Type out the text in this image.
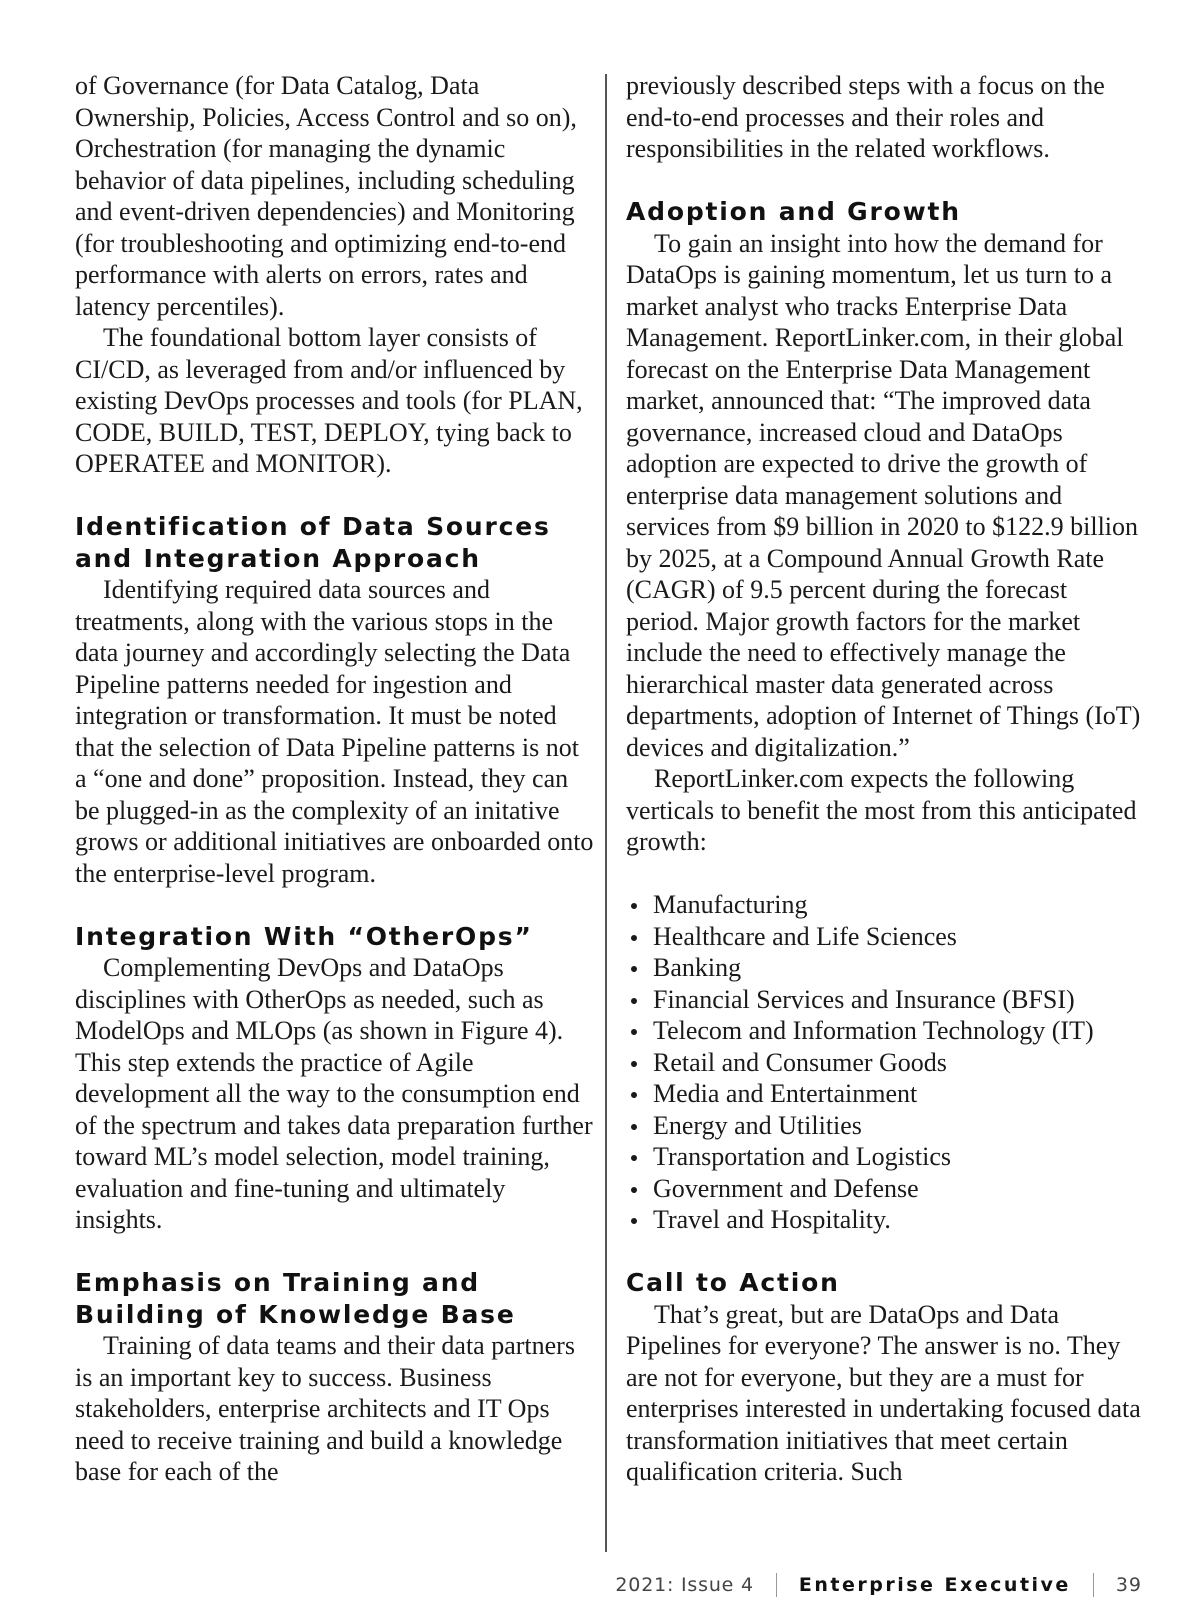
of Governance (for Data Catalog, Data Ownership, Policies, Access Control and so on), Orchestration (for managing the dynamic behavior of data pipelines, including scheduling and event-driven dependencies) and Monitoring (for troubleshooting and optimizing end-to-end performance with alerts on errors, rates and latency percentiles).

The foundational bottom layer consists of CI/CD, as leveraged from and/or influenced by existing DevOps processes and tools (for PLAN, CODE, BUILD, TEST, DEPLOY, tying back to OPERATEE and MONITOR).

Identification of Data Sources and Integration Approach

Identifying required data sources and treatments, along with the various stops in the data journey and accordingly selecting the Data Pipeline patterns needed for ingestion and integration or transformation. It must be noted that the selection of Data Pipeline patterns is not a “one and done” proposition. Instead, they can be plugged-in as the complexity of an initative grows or additional initiatives are onboarded onto the enterprise-level program.

Integration With “OtherOps”

Complementing DevOps and DataOps disciplines with OtherOps as needed, such as ModelOps and MLOps (as shown in Figure 4). This step extends the practice of Agile development all the way to the consumption end of the spectrum and takes data preparation further toward ML’s model selection, model training, evaluation and fine-tuning and ultimately insights.

Emphasis on Training and Building of Knowledge Base

Training of data teams and their data partners is an important key to success. Business stakeholders, enterprise architects and IT Ops need to receive training and build a knowledge base for each of the

previously described steps with a focus on the end-to-end processes and their roles and responsibilities in the related workflows.

Adoption and Growth

To gain an insight into how the demand for DataOps is gaining momentum, let us turn to a market analyst who tracks Enterprise Data Management. ReportLinker.com, in their global forecast on the Enterprise Data Management market, announced that: “The improved data governance, increased cloud and DataOps adoption are expected to drive the growth of enterprise data management solutions and services from $9 billion in 2020 to $122.9 billion by 2025, at a Compound Annual Growth Rate (CAGR) of 9.5 percent during the forecast period. Major growth factors for the market include the need to effectively manage the hierarchical master data generated across departments, adoption of Internet of Things (IoT) devices and digitalization.”

ReportLinker.com expects the following verticals to benefit the most from this anticipated growth:

Manufacturing
Healthcare and Life Sciences
Banking
Financial Services and Insurance (BFSI)
Telecom and Information Technology (IT)
Retail and Consumer Goods
Media and Entertainment
Energy and Utilities
Transportation and Logistics
Government and Defense
Travel and Hospitality.
Call to Action

That’s great, but are DataOps and Data Pipelines for everyone? The answer is no. They are not for everyone, but they are a must for enterprises interested in undertaking focused data transformation initiatives that meet certain qualification criteria. Such

2021: Issue 4 Enterprise Executive 39
